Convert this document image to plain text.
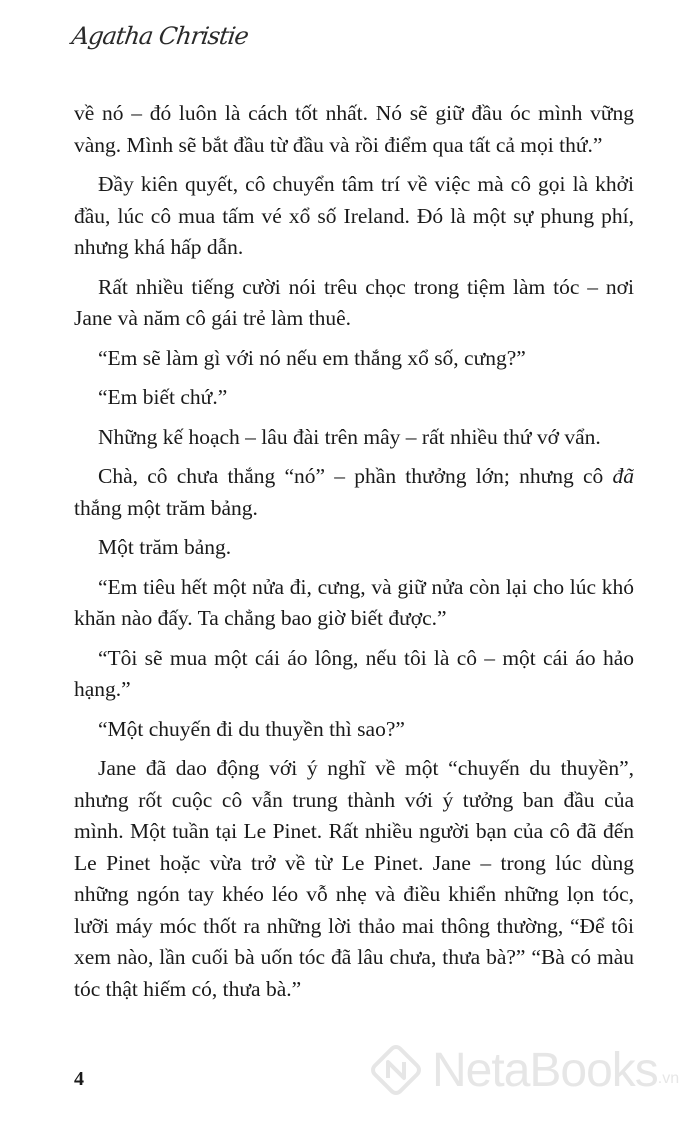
Agatha Christie

về nó – đó luôn là cách tốt nhất. Nó sẽ giữ đầu óc mình vững vàng. Mình sẽ bắt đầu từ đầu và rồi điểm qua tất cả mọi thứ.”

Đầy kiên quyết, cô chuyển tâm trí về việc mà cô gọi là khởi đầu, lúc cô mua tấm vé xổ số Ireland. Đó là một sự phung phí, nhưng khá hấp dẫn.

Rất nhiều tiếng cười nói trêu chọc trong tiệm làm tóc – nơi Jane và năm cô gái trẻ làm thuê.

“Em sẽ làm gì với nó nếu em thắng xổ số, cưng?”

“Em biết chứ.”

Những kế hoạch – lâu đài trên mây – rất nhiều thứ vớ vẩn.

Chà, cô chưa thắng “nó” – phần thưởng lớn; nhưng cô đã thắng một trăm bảng.

Một trăm bảng.

“Em tiêu hết một nửa đi, cưng, và giữ nửa còn lại cho lúc khó khăn nào đấy. Ta chẳng bao giờ biết được.”

“Tôi sẽ mua một cái áo lông, nếu tôi là cô – một cái áo hảo hạng.”

“Một chuyến đi du thuyền thì sao?”

Jane đã dao động với ý nghĩ về một “chuyến du thuyền”, nhưng rốt cuộc cô vẫn trung thành với ý tưởng ban đầu của mình. Một tuần tại Le Pinet. Rất nhiều người bạn của cô đã đến Le Pinet hoặc vừa trở về từ Le Pinet. Jane – trong lúc dùng những ngón tay khéo léo vỗ nhẹ và điều khiển những lọn tóc, lưỡi máy móc thốt ra những lời thảo mai thông thường, “Để tôi xem nào, lần cuối bà uốn tóc đã lâu chưa, thưa bà?” “Bà có màu tóc thật hiếm có, thưa bà.”

4	NetaBooks .vn
